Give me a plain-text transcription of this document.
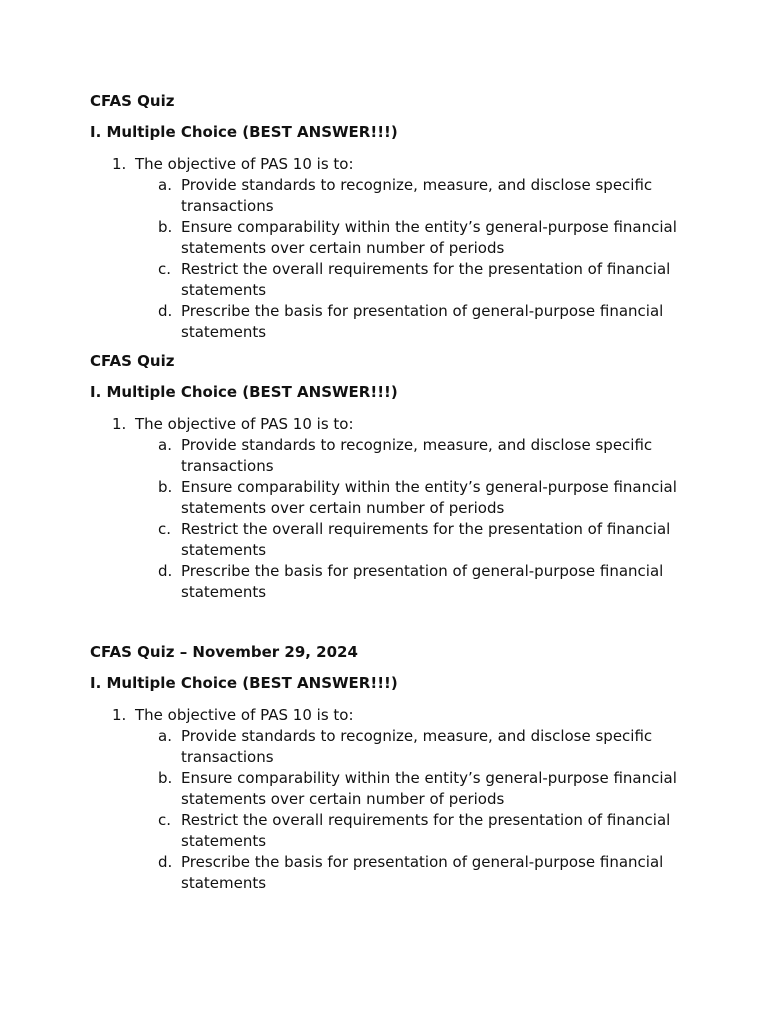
CFAS Quiz
I. Multiple Choice (BEST ANSWER!!!)
1. The objective of PAS 10 is to:
a. Provide standards to recognize, measure, and disclose specific transactions
b. Ensure comparability within the entity’s general-purpose financial statements over certain number of periods
c. Restrict the overall requirements for the presentation of financial statements
d. Prescribe the basis for presentation of general-purpose financial statements
CFAS Quiz
I. Multiple Choice (BEST ANSWER!!!)
1. The objective of PAS 10 is to:
a. Provide standards to recognize, measure, and disclose specific transactions
b. Ensure comparability within the entity’s general-purpose financial statements over certain number of periods
c. Restrict the overall requirements for the presentation of financial statements
d. Prescribe the basis for presentation of general-purpose financial statements
CFAS Quiz – November 29, 2024
I. Multiple Choice (BEST ANSWER!!!)
1. The objective of PAS 10 is to:
a. Provide standards to recognize, measure, and disclose specific transactions
b. Ensure comparability within the entity’s general-purpose financial statements over certain number of periods
c. Restrict the overall requirements for the presentation of financial statements
d. Prescribe the basis for presentation of general-purpose financial statements
